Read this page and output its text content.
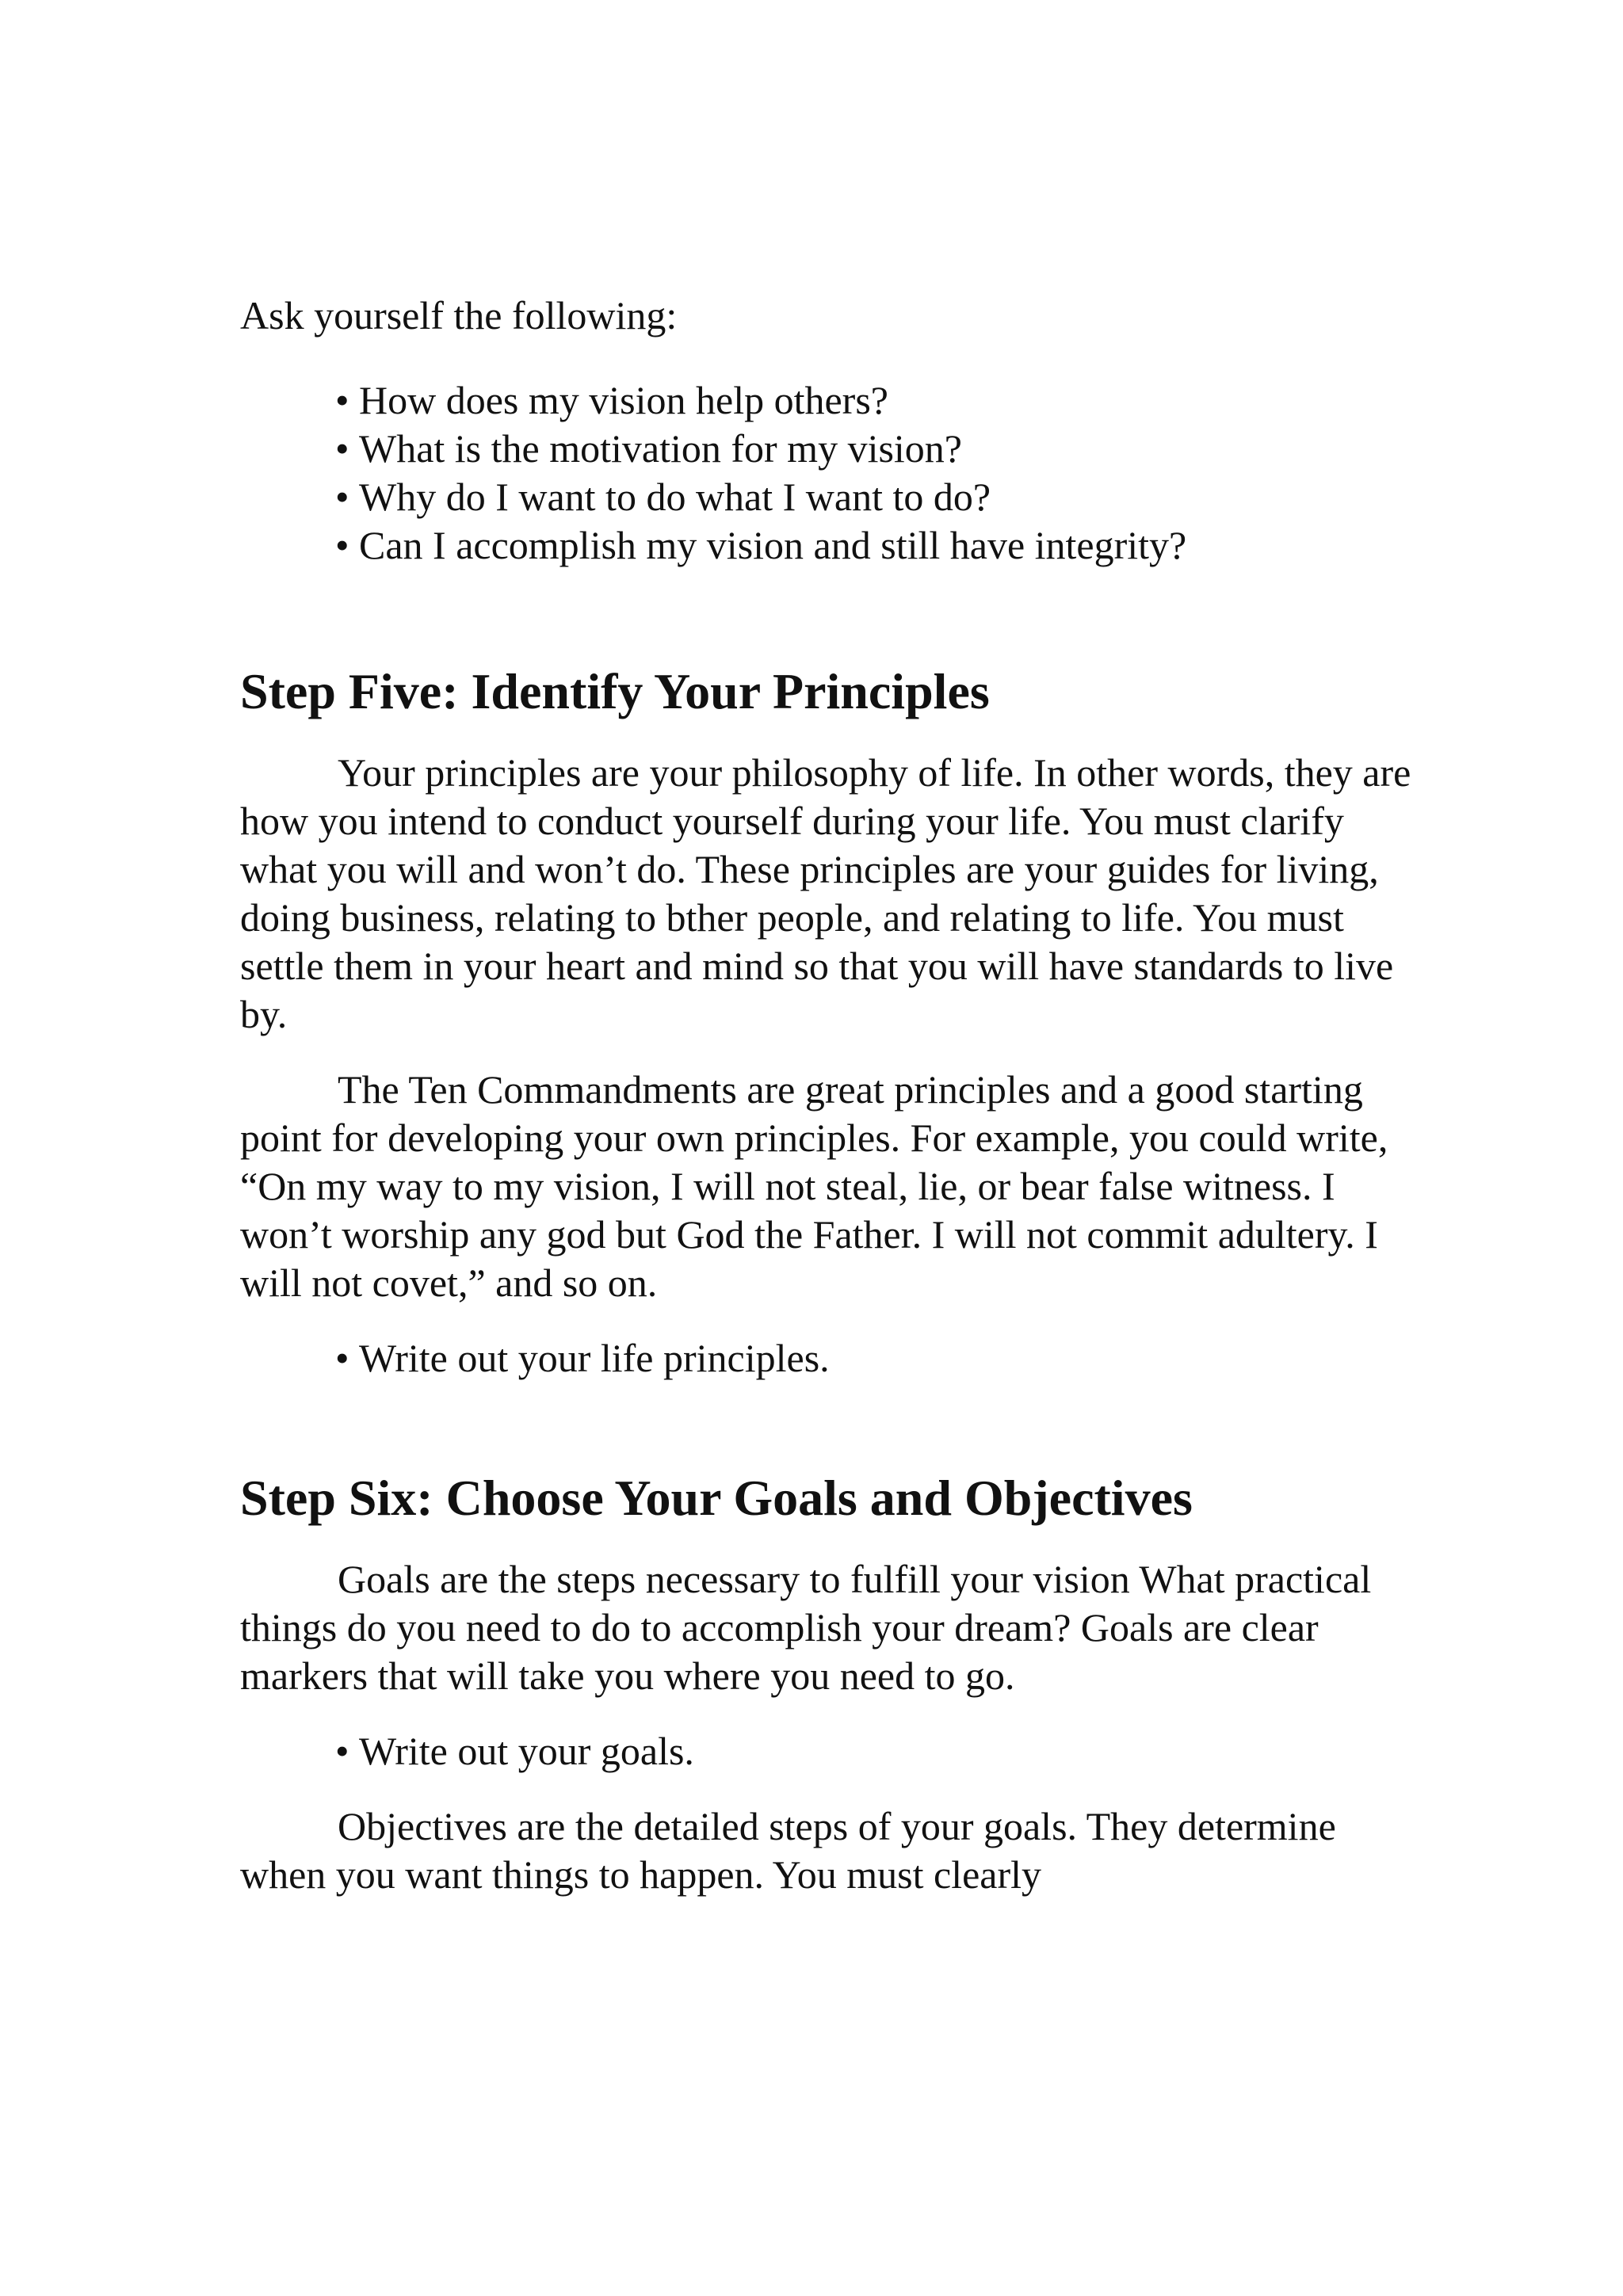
Ask yourself the following:

• How does my vision help others?
• What is the motivation for my vision?
• Why do I want to do what I want to do?
• Can I accomplish my vision and still have integrity?
Step Five: Identify Your Principles

Your principles are your philosophy of life. In other words, they are how you intend to conduct yourself during your life. You must clarify what you will and won’t do. These principles are your guides for living, doing business, relating to bther people, and relating to life. You must settle them in your heart and mind so that you will have standards to live by.

The Ten Commandments are great principles and a good starting point for developing your own principles. For example, you could write, “On my way to my vision, I will not steal, lie, or bear false witness. I won’t worship any god but God the Father. I will not commit adultery. I will not covet,” and so on.

• Write out your life principles.
Step Six: Choose Your Goals and Objectives

Goals are the steps necessary to fulfill your vision What practical things do you need to do to accomplish your dream? Goals are clear markers that will take you where you need to go.

• Write out your goals.

Objectives are the detailed steps of your goals. They determine when you want things to happen. You must clearly
